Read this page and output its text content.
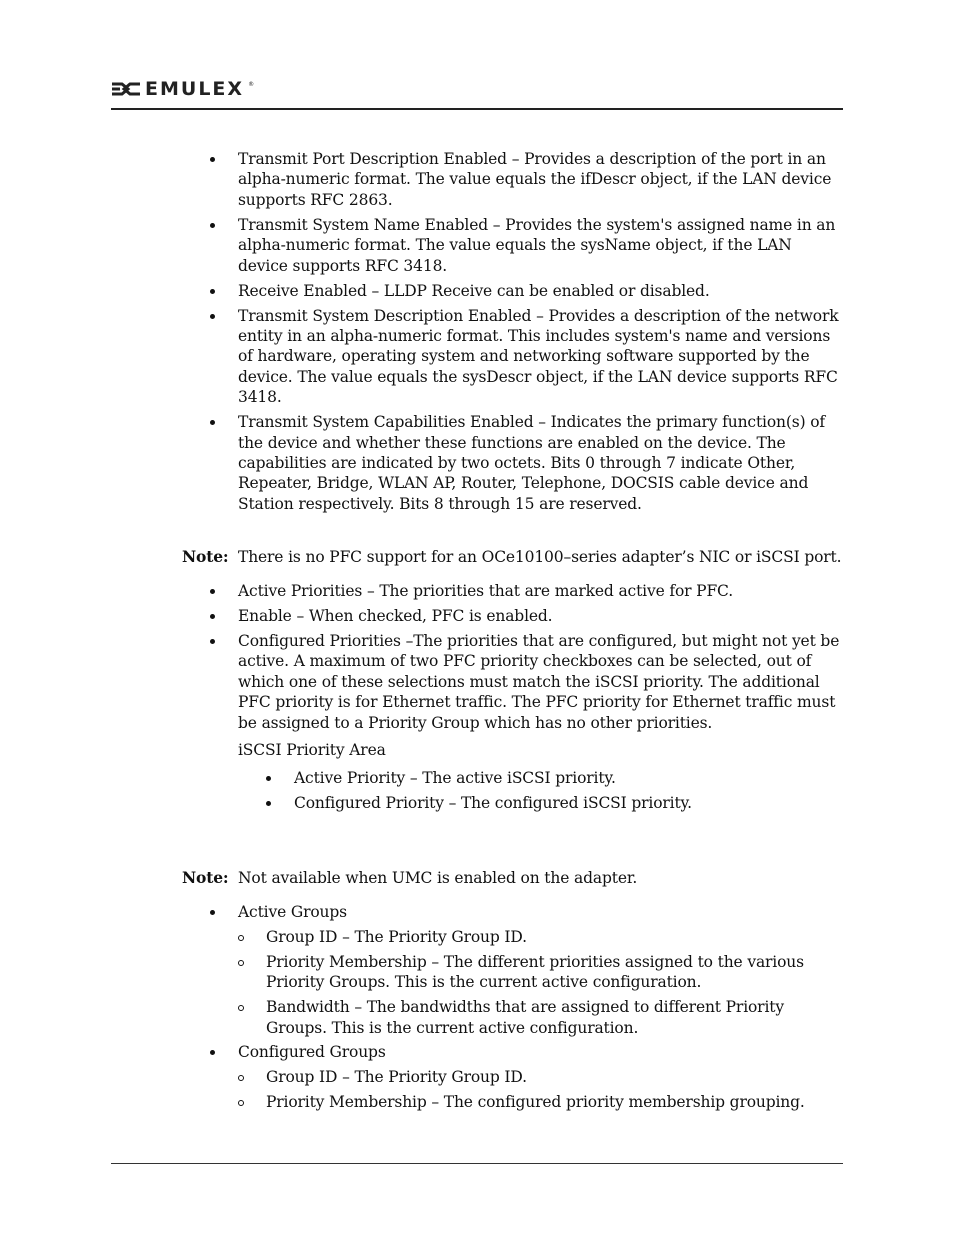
EMULEX ®
Transmit Port Description Enabled – Provides a description of the port in an alpha-numeric format. The value equals the ifDescr object, if the LAN device supports RFC 2863.
Transmit System Name Enabled – Provides the system's assigned name in an alpha-numeric format. The value equals the sysName object, if the LAN device supports RFC 3418.
Receive Enabled – LLDP Receive can be enabled or disabled.
Transmit System Description Enabled – Provides a description of the network entity in an alpha-numeric format. This includes system's name and versions of hardware, operating system and networking software supported by the device. The value equals the sysDescr object, if the LAN device supports RFC 3418.
Transmit System Capabilities Enabled – Indicates the primary function(s) of the device and whether these functions are enabled on the device. The capabilities are indicated by two octets. Bits 0 through 7 indicate Other, Repeater, Bridge, WLAN AP, Router, Telephone, DOCSIS cable device and Station respectively. Bits 8 through 15 are reserved.
Note: There is no PFC support for an OCe10100–series adapter’s NIC or iSCSI port.
Active Priorities – The priorities that are marked active for PFC.
Enable – When checked, PFC is enabled.
Configured Priorities –The priorities that are configured, but might not yet be active. A maximum of two PFC priority checkboxes can be selected, out of which one of these selections must match the iSCSI priority. The additional PFC priority is for Ethernet traffic. The PFC priority for Ethernet traffic must be assigned to a Priority Group which has no other priorities.
iSCSI Priority Area
Active Priority – The active iSCSI priority.
Configured Priority – The configured iSCSI priority.
Note: Not available when UMC is enabled on the adapter.
Active Groups
Group ID – The Priority Group ID.
Priority Membership – The different priorities assigned to the various Priority Groups. This is the current active configuration.
Bandwidth – The bandwidths that are assigned to different Priority Groups. This is the current active configuration.
Configured Groups
Group ID – The Priority Group ID.
Priority Membership – The configured priority membership grouping.
